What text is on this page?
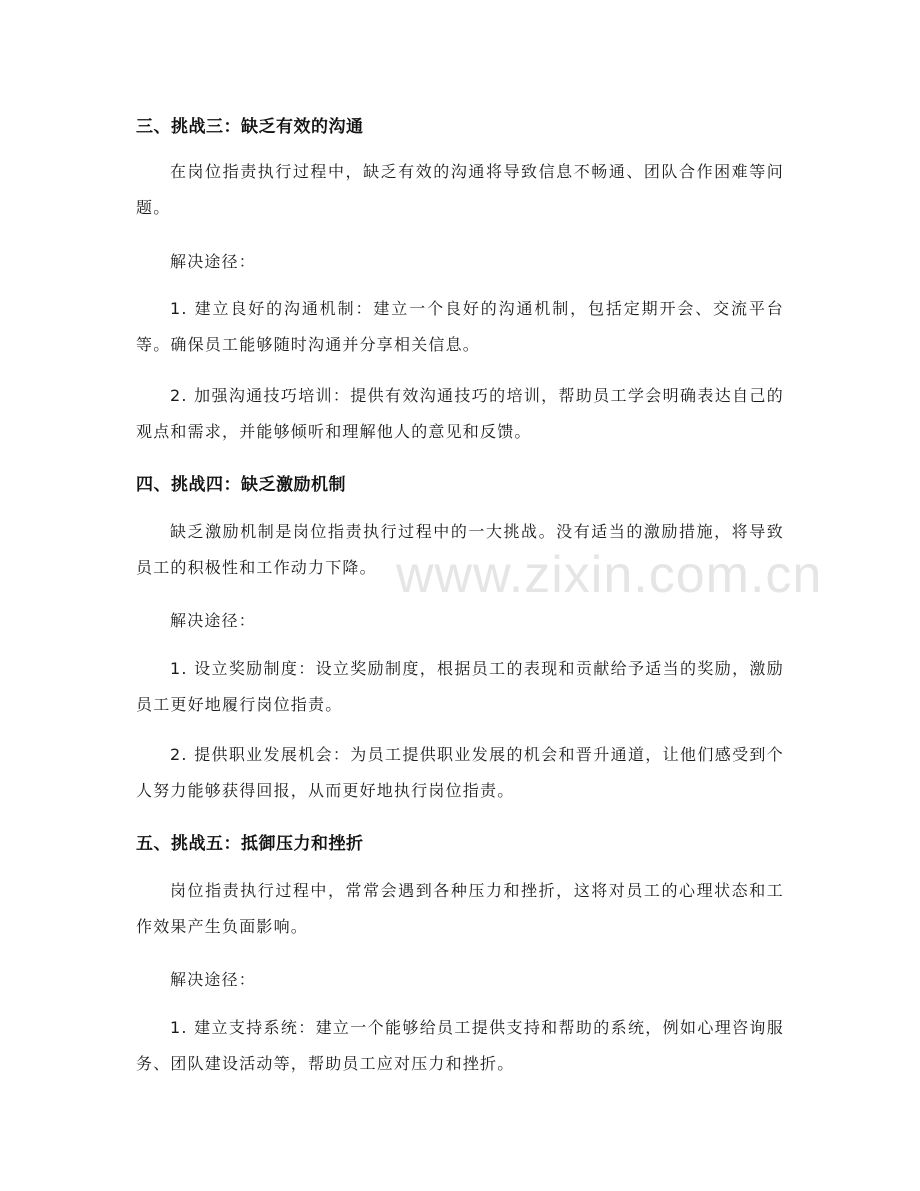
三、挑战三：缺乏有效的沟通
在岗位指责执行过程中，缺乏有效的沟通将导致信息不畅通、团队合作困难等问题。
解决途径：
1. 建立良好的沟通机制：建立一个良好的沟通机制，包括定期开会、交流平台等。确保员工能够随时沟通并分享相关信息。
2. 加强沟通技巧培训：提供有效沟通技巧的培训，帮助员工学会明确表达自己的观点和需求，并能够倾听和理解他人的意见和反馈。
四、挑战四：缺乏激励机制
缺乏激励机制是岗位指责执行过程中的一大挑战。没有适当的激励措施，将导致员工的积极性和工作动力下降。
解决途径：
1. 设立奖励制度：设立奖励制度，根据员工的表现和贡献给予适当的奖励，激励员工更好地履行岗位指责。
2. 提供职业发展机会：为员工提供职业发展的机会和晋升通道，让他们感受到个人努力能够获得回报，从而更好地执行岗位指责。
五、挑战五：抵御压力和挫折
岗位指责执行过程中，常常会遇到各种压力和挫折，这将对员工的心理状态和工作效果产生负面影响。
解决途径：
1. 建立支持系统：建立一个能够给员工提供支持和帮助的系统，例如心理咨询服务、团队建设活动等，帮助员工应对压力和挫折。
www.zixin.com.cn
